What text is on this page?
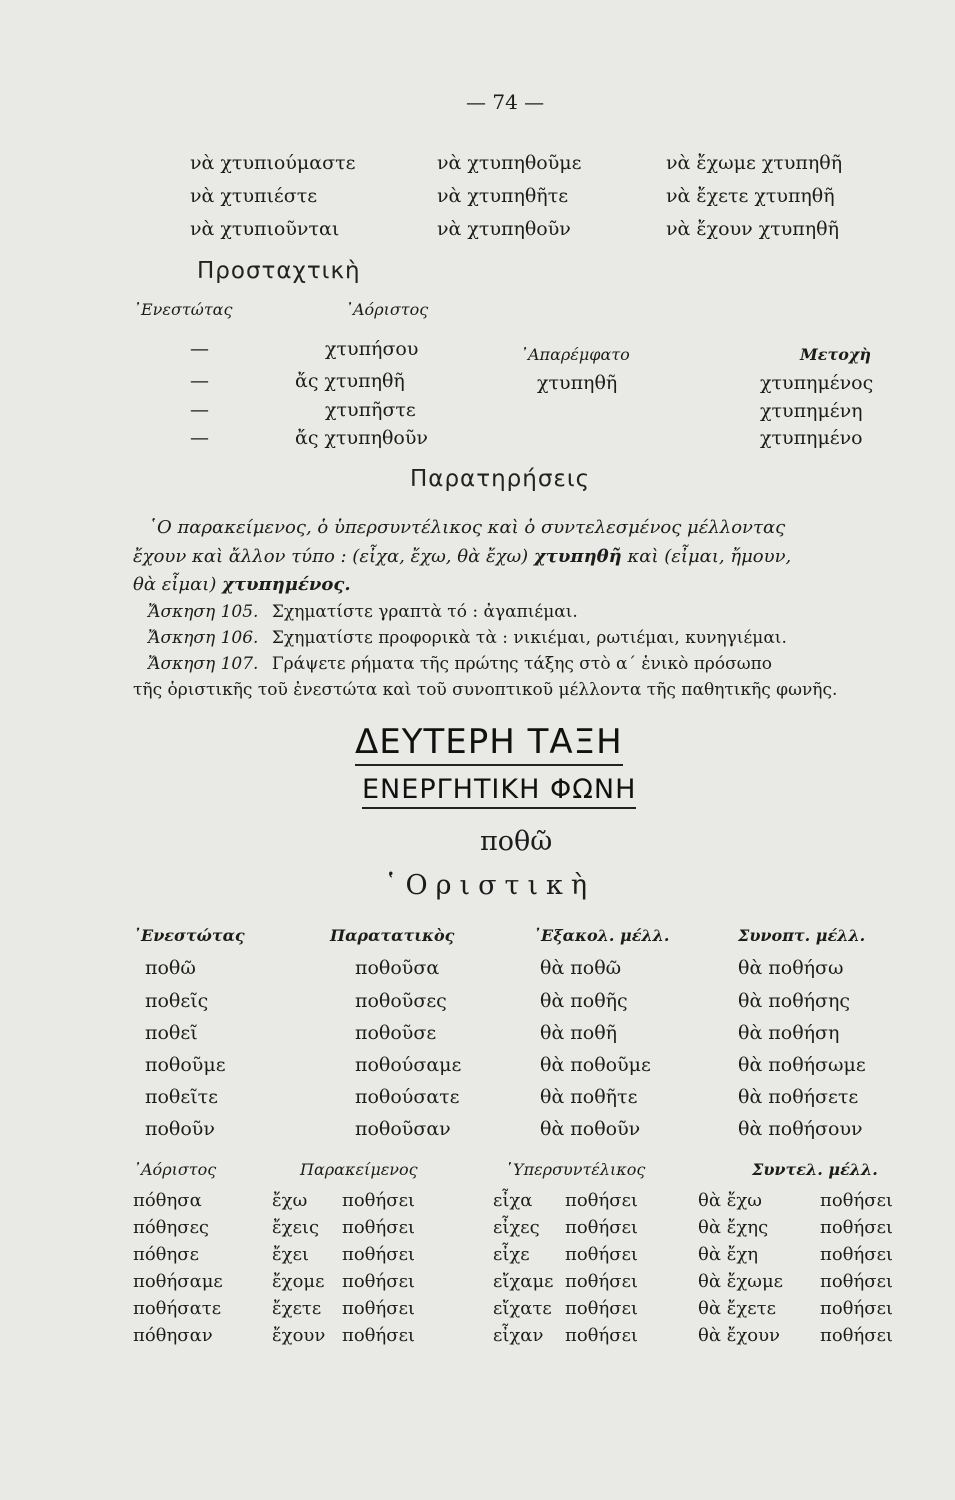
— 74 —
νὰ χτυπιούμαστε	νὰ χτυπηθοῦμε	νὰ ἔχωμε χτυπηθῆ
νὰ χτυπιέστε	νὰ χτυπηθῆτε	νὰ ἔχετε χτυπηθῆ
νὰ χτυπιοῦνται	νὰ χτυπηθοῦν	νὰ ἔχουν χτυπηθῆ
Προσταχτικὴ
᾿Ενεστώτας	᾿Αόριστος
—	χτυπήσου
—	ἄς χτυπηθῆ
—	χτυπῆστε
—	ἄς χτυπηθοῦν
᾿Απαρέμφατο
χτυπηθῆ
Μετοχὴ
χτυπημένος
χτυπημένη
χτυπημένο
Παρατηρήσεις
῾Ο παρακείμενος, ὁ ὑπερσυντέλικος καὶ ὁ συντελεσμένος μέλλοντας
ἔχουν καὶ ἄλλον τύπο : (εἶχα, ἔχω, θὰ ἔχω) χτυπηθῆ καὶ (εἶμαι, ἤμουν,
θὰ εἶμαι) χτυπημένος.
Ἄσκηση 105. Σχηματίστε γραπτὰ τό : ἀγαπιέμαι.
Ἄσκηση 106. Σχηματίστε προφορικὰ τὰ : νικιέμαι, ρωτιέμαι, κυνηγιέμαι.
Ἄσκηση 107. Γράψετε ρήματα τῆς πρώτης τάξης στὸ α΄ ἑνικὸ πρόσωπο
τῆς ὁριστικῆς τοῦ ἐνεστώτα καὶ τοῦ συνοπτικοῦ μέλλοντα τῆς παθητικῆς φωνῆς.
ΔΕΥΤΕΡΗ ΤΑΞΗ
ΕΝΕΡΓΗΤΙΚΗ ΦΩΝΗ
ποθῶ
῾Οριστικὴ
᾿Ενεστώτας	Παρατατικὸς	᾿Εξακολ. μέλλ.	Συνοπτ. μέλλ.
ποθῶ	ποθοῦσα	θὰ ποθῶ	θὰ ποθήσω
ποθεῖς	ποθοῦσες	θὰ ποθῆς	θὰ ποθήσης
ποθεῖ	ποθοῦσε	θὰ ποθῆ	θὰ ποθήση
ποθοῦμε	ποθούσαμε	θὰ ποθοῦμε	θὰ ποθήσωμε
ποθεῖτε	ποθούσατε	θὰ ποθῆτε	θὰ ποθήσετε
ποθοῦν	ποθοῦσαν	θὰ ποθοῦν	θὰ ποθήσουν
᾿Αόριστος	Παρακείμενος	῾Υπερσυντέλικος	Συντελ. μέλλ.
πόθησα	ἔχω ποθήσει	εἶχα ποθήσει	θὰ ἔχω	ποθήσει
πόθησες	ἔχεις ποθήσει	εἶχες ποθήσει	θὰ ἔχης	ποθήσει
πόθησε	ἔχει ποθήσει	εἶχε ποθήσει	θὰ ἔχη	ποθήσει
ποθήσαμε	ἔχομε ποθήσει	εἴχαμε ποθήσει	θὰ ἔχωμε ποθήσει
ποθήσατε	ἔχετε ποθήσει	εἴχατε ποθήσει	θὰ ἔχετε ποθήσει
πόθησαν	ἔχουν ποθήσει	εἶχαν ποθήσει	θὰ ἔχουν ποθήσει
